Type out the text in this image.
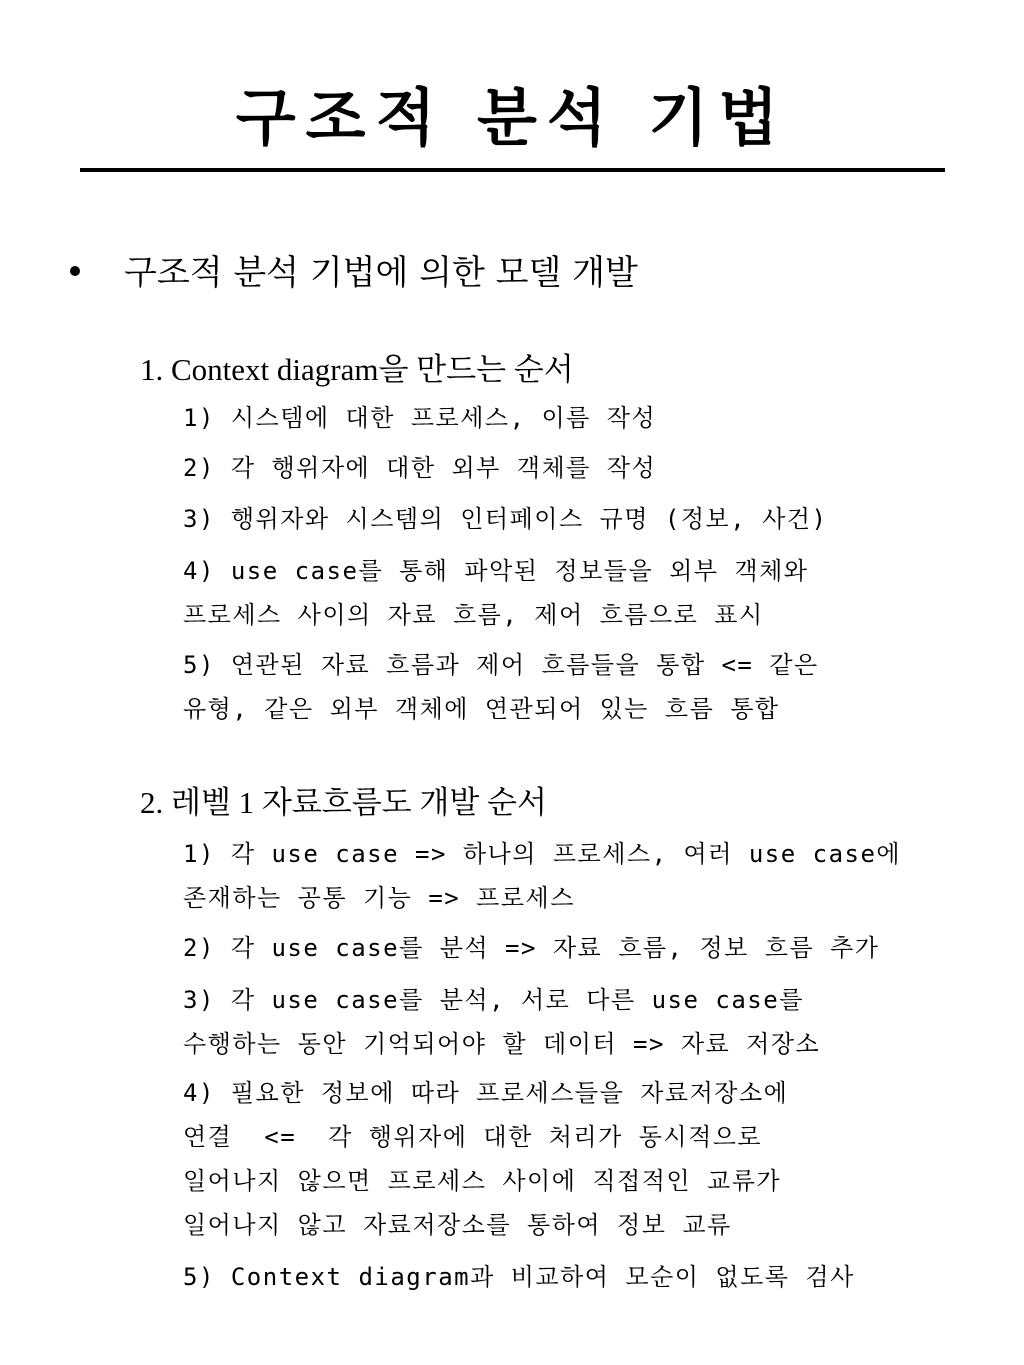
구조적 분석 기법
구조적 분석 기법에 의한 모델 개발
1. Context diagram을 만드는 순서
1) 시스템에 대한 프로세스, 이름 작성
2) 각 행위자에 대한 외부 객체를 작성
3) 행위자와 시스템의 인터페이스 규명 (정보, 사건)
4) use case를 통해 파악된 정보들을 외부 객체와
프로세스 사이의 자료 흐름, 제어 흐름으로 표시
5) 연관된 자료 흐름과 제어 흐름들을 통합 <= 같은
유형, 같은 외부 객체에 연관되어 있는 흐름 통합
2. 레벨 1 자료흐름도 개발 순서
1) 각 use case => 하나의 프로세스, 여러 use case에
존재하는 공통 기능 => 프로세스
2) 각 use case를 분석 => 자료 흐름, 정보 흐름 추가
3) 각 use case를 분석, 서로 다른 use case를
수행하는 동안 기억되어야 할 데이터 => 자료 저장소
4) 필요한 정보에 따라 프로세스들을 자료저장소에
연결  <=  각 행위자에 대한 처리가 동시적으로
일어나지 않으면 프로세스 사이에 직접적인 교류가
일어나지 않고 자료저장소를 통하여 정보 교류
5) Context diagram과 비교하여 모순이 없도록 검사
